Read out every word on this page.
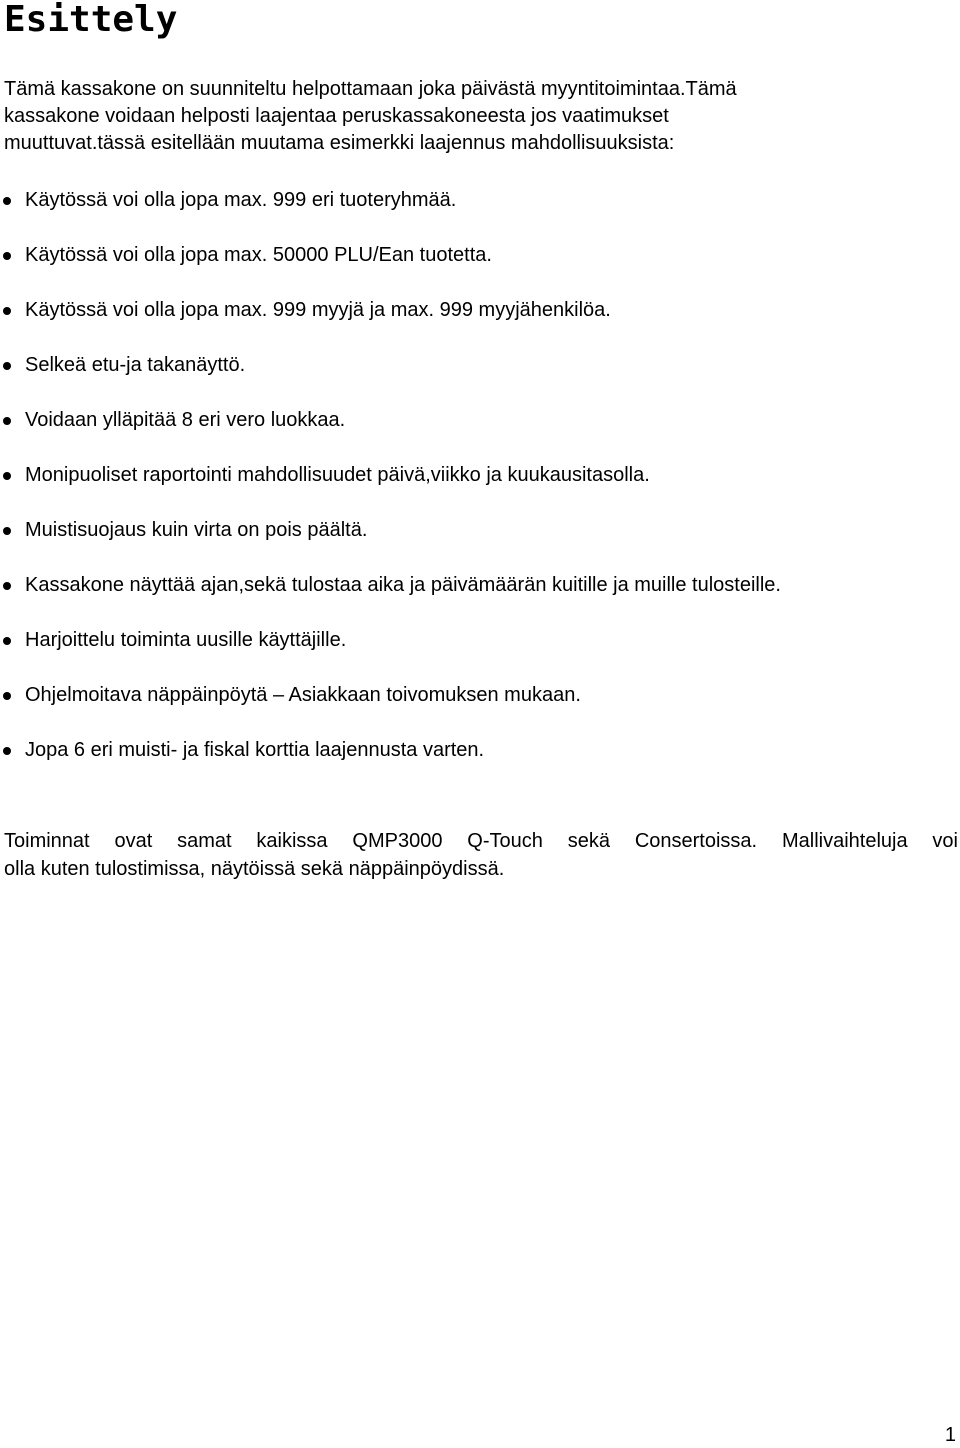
Esittely

Tämä kassakone on suunniteltu helpottamaan joka päivästä myyntitoimintaa.Tämä
kassakone voidaan helposti laajentaa peruskassakoneesta jos vaatimukset
muuttuvat.tässä esitellään muutama esimerkki laajennus mahdollisuuksista:

Käytössä voi olla jopa max. 999 eri tuoteryhmää.
Käytössä voi olla jopa max. 50000 PLU/Ean tuotetta.
Käytössä voi olla jopa max. 999 myyjä ja max. 999 myyjähenkilöa.
Selkeä etu-ja takanäyttö.
Voidaan ylläpitää 8 eri vero luokkaa.
Monipuoliset raportointi mahdollisuudet päivä,viikko ja kuukausitasolla.
Muistisuojaus kuin virta on pois päältä.
Kassakone näyttää ajan,sekä tulostaa aika ja päivämäärän kuitille ja muille tulosteille.
Harjoittelu toiminta uusille käyttäjille.
Ohjelmoitava näppäinpöytä – Asiakkaan toivomuksen mukaan.
Jopa 6 eri muisti- ja fiskal korttia laajennusta varten.

Toiminnat ovat samat kaikissa QMP3000 Q-Touch sekä Consertoissa. Mallivaihteluja voi
olla kuten tulostimissa, näytöissä sekä näppäinpöydissä.

1
